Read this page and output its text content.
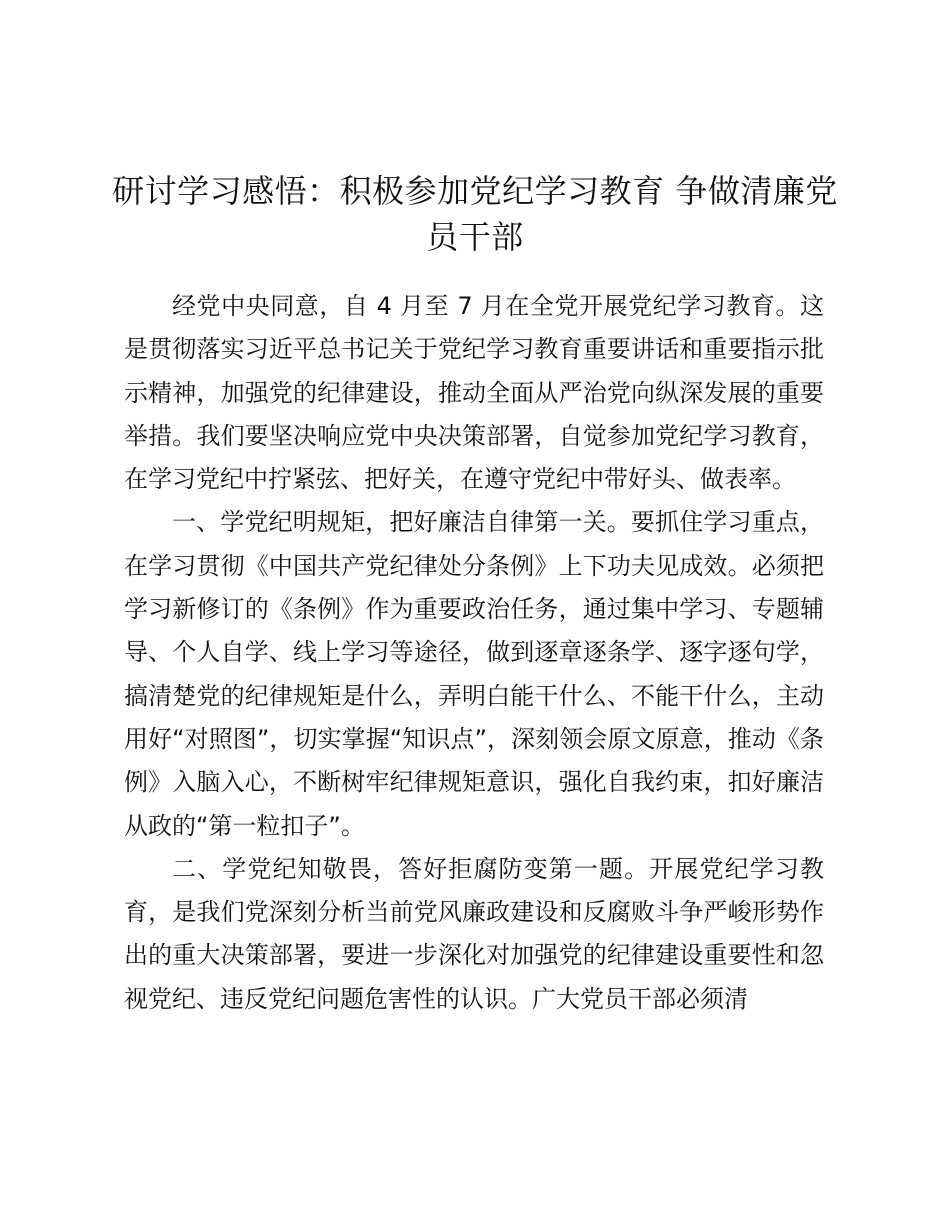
研讨学习感悟：积极参加党纪学习教育 争做清廉党员干部

经党中央同意，自 4 月至 7 月在全党开展党纪学习教育。这是贯彻落实习近平总书记关于党纪学习教育重要讲话和重要指示批示精神，加强党的纪律建设，推动全面从严治党向纵深发展的重要举措。我们要坚决响应党中央决策部署，自觉参加党纪学习教育，在学习党纪中拧紧弦、把好关，在遵守党纪中带好头、做表率。

一、学党纪明规矩，把好廉洁自律第一关。要抓住学习重点，在学习贯彻《中国共产党纪律处分条例》上下功夫见成效。必须把学习新修订的《条例》作为重要政治任务，通过集中学习、专题辅导、个人自学、线上学习等途径，做到逐章逐条学、逐字逐句学，搞清楚党的纪律规矩是什么，弄明白能干什么、不能干什么，主动用好“对照图”，切实掌握“知识点”，深刻领会原文原意，推动《条例》入脑入心，不断树牢纪律规矩意识，强化自我约束，扣好廉洁从政的“第一粒扣子”。

二、学党纪知敬畏，答好拒腐防变第一题。开展党纪学习教育，是我们党深刻分析当前党风廉政建设和反腐败斗争严峻形势作出的重大决策部署，要进一步深化对加强党的纪律建设重要性和忽视党纪、违反党纪问题危害性的认识。广大党员干部必须清
